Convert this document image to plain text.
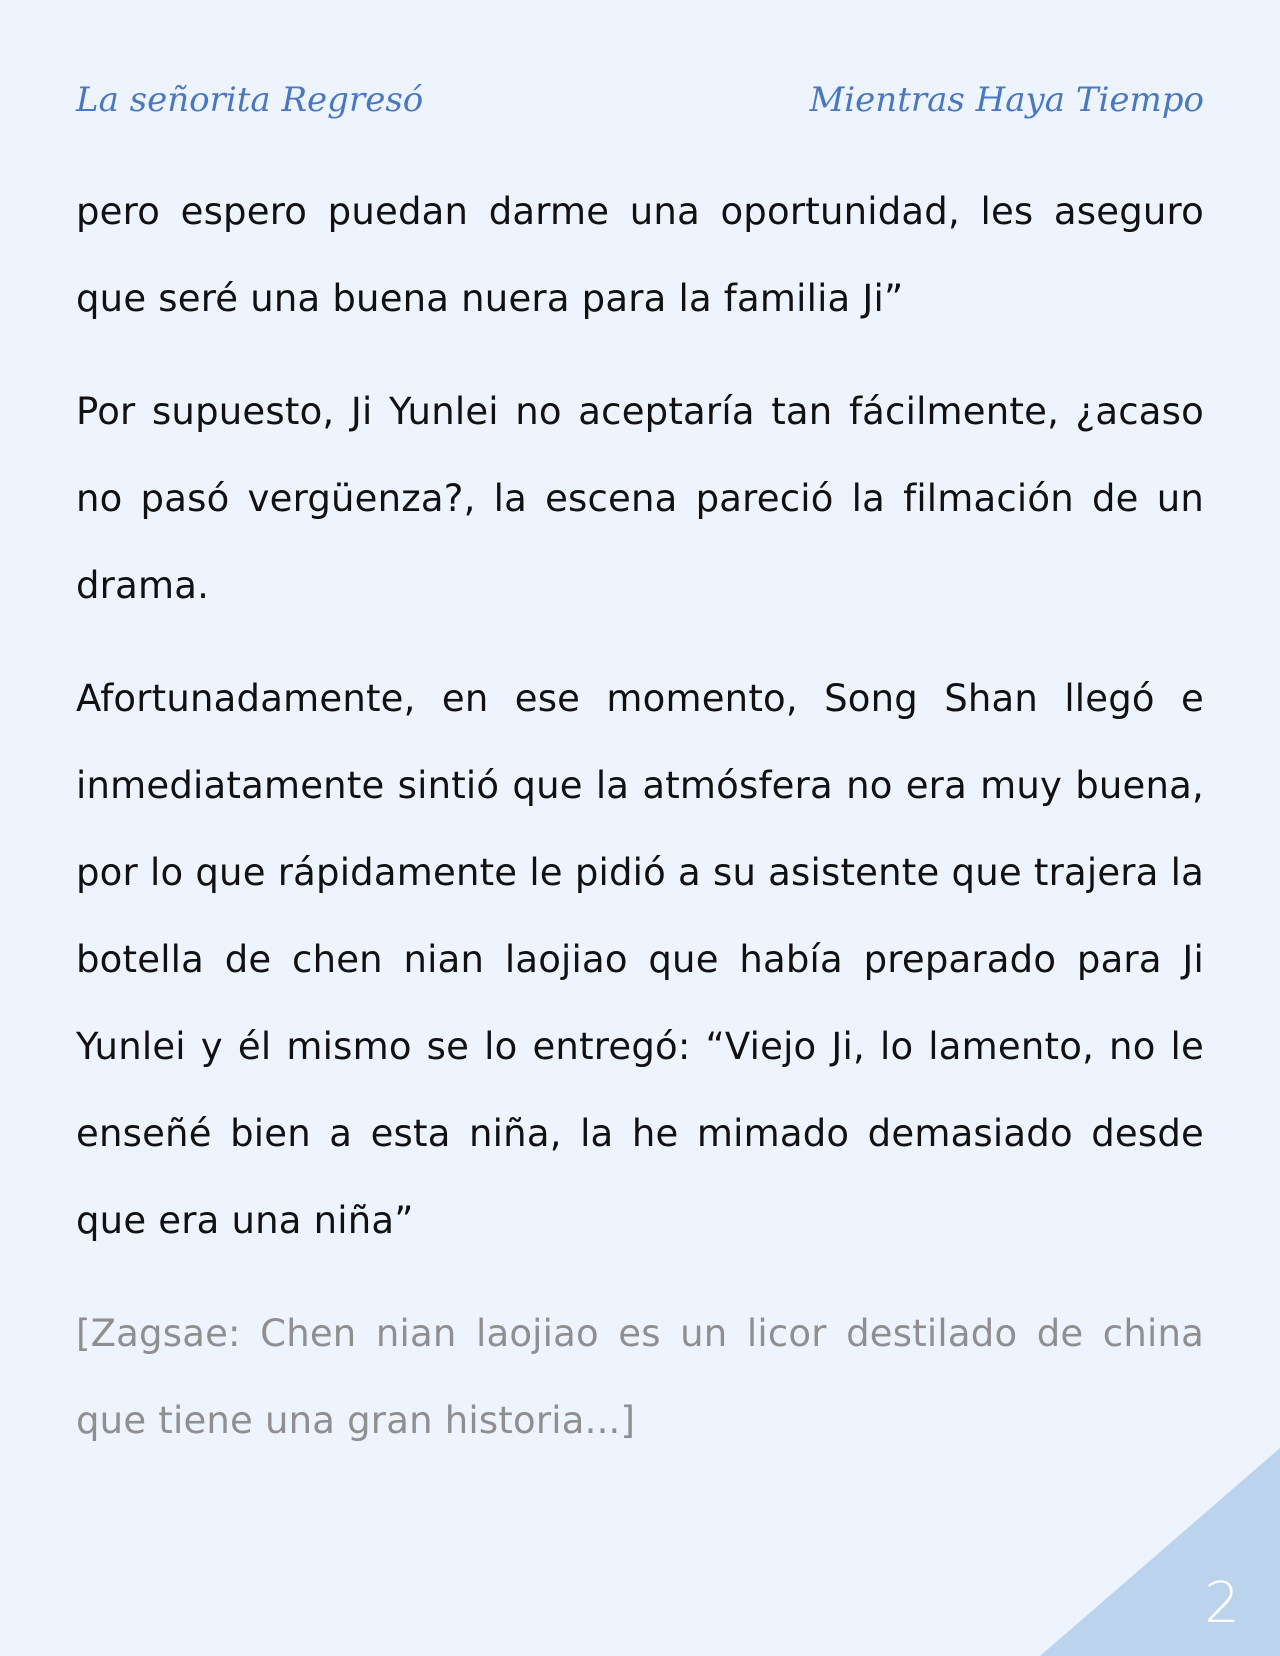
La señorita Regresó	Mientras Haya Tiempo

pero espero puedan darme una oportunidad, les aseguro que seré una buena nuera para la familia Ji”

Por supuesto, Ji Yunlei no aceptaría tan fácilmente, ¿acaso no pasó vergüenza?, la escena pareció la filmación de un drama.

Afortunadamente, en ese momento, Song Shan llegó e inmediatamente sintió que la atmósfera no era muy buena, por lo que rápidamente le pidió a su asistente que trajera la botella de chen nian laojiao que había preparado para Ji Yunlei y él mismo se lo entregó: “Viejo Ji, lo lamento, no le enseñé bien a esta niña, la he mimado demasiado desde que era una niña”

[Zagsae: Chen nian laojiao es un licor destilado de china que tiene una gran historia...]

2
